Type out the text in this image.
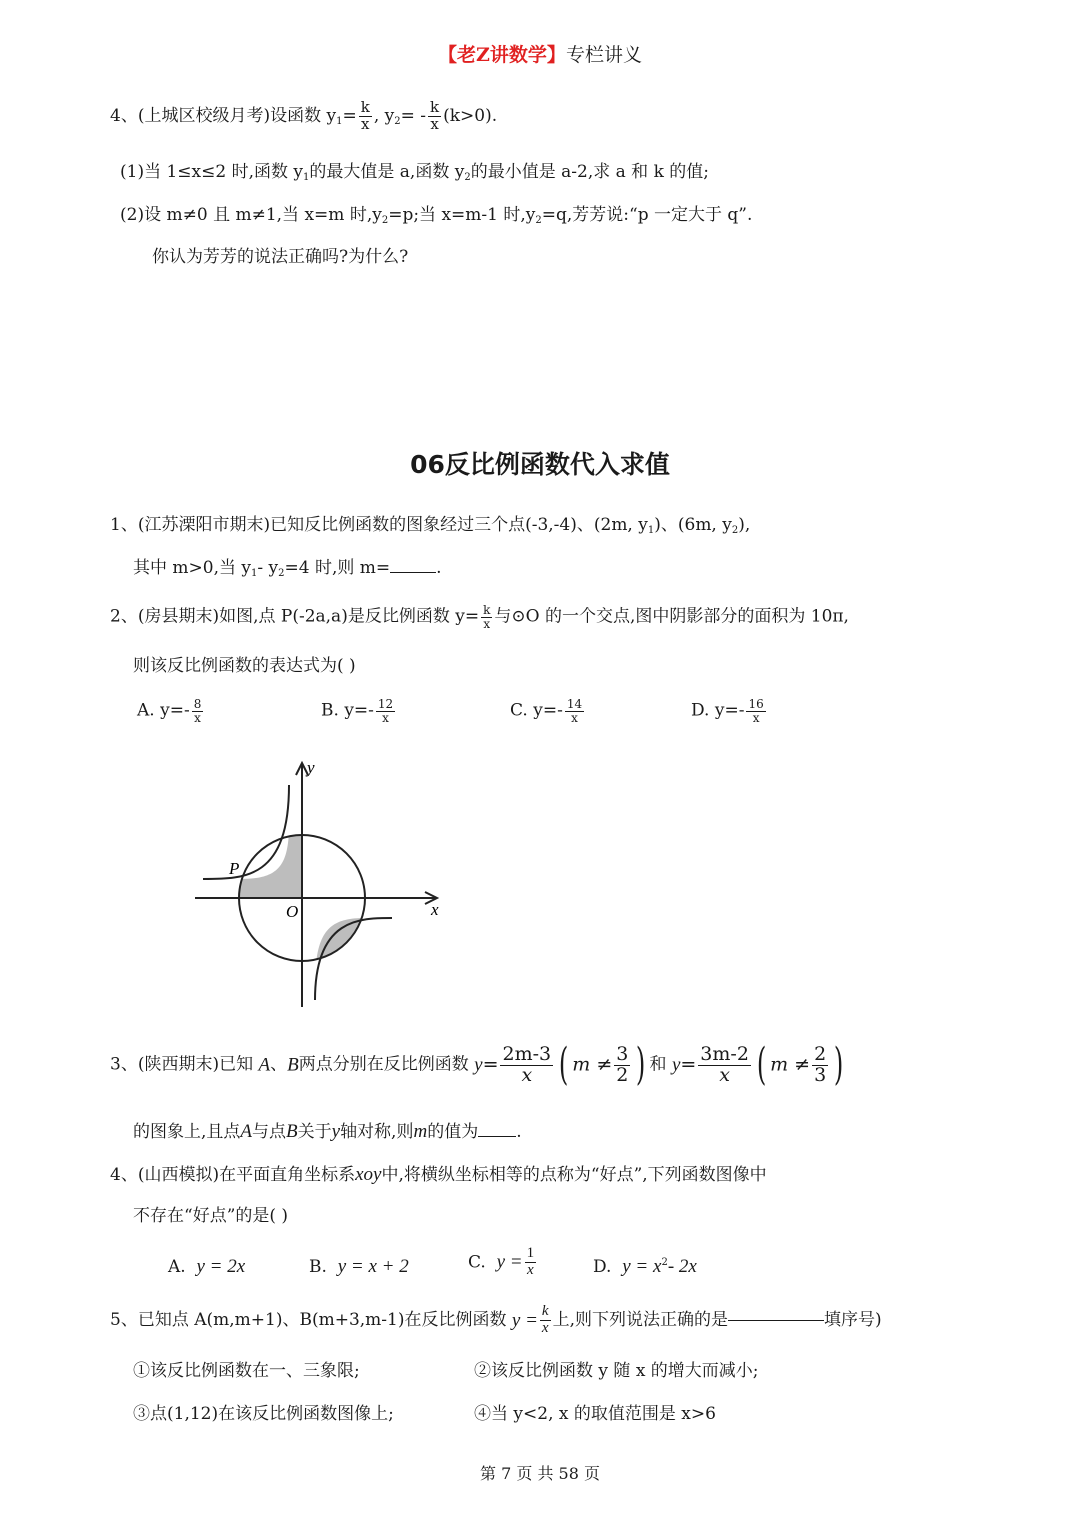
【老Z讲数学】专栏讲义
4、(上城区校级月考)设函数 $y_1= \frac{k}{x}$ , $y_2= - \frac{k}{x} (k>0)$.
(1)当 1≤x≤2 时,函数 $y_1$的最大值是 a,函数 $y_2$的最小值是 a-2,求 a 和 k 的值;
(2)设 m≠0 且 m≠1,当 x=m 时$,y_2=p$;当 x=m-1 时$,y_2=q$,芳芳说:“p 一定大于 q”.
你认为芳芳的说法正确吗?为什么?
06反比例函数代入求值
1、(江苏溧阳市期末)已知反比例函数的图象经过三个点(-3,-4)、(2m, $y_1$)、(6m, $y_2$),
其中 m>0,当 $y_1-$ $y_2=4$ 时,则 m=	.
2、(房县期末)如图,点 P(-2a,a)是反比例函数 $y= \frac{k}{x}$ 与⊙O 的一个交点,图中阴影部分的面积为 10π,
则该反比例函数的表达式为( )
A. $y=- \frac{8}{x}$	B. $y=- \frac{12}{x}$	C. $y=- \frac{14}{x}$	D. $y=- \frac{16}{x}$
y
x
O
P
3、(陕西期末)已知 A、B两点分别在反比例函数 $y= \frac{2m-3}{x}$ ( $m \ne \frac{3}{2}$ ) 和 $y= \frac{3m-2}{x}$ ( $m \ne \frac{2}{3}$ )
的图象上,且点A与点B关于y轴对称,则m的值为 .
4、(山西模拟)在平面直角坐标系xoy中,将横纵坐标相等的点称为“好点”,下列函数图像中
不存在“好点”的是( )
A. y = 2x	B. y = x + 2	C. $y = \frac{1}{x}$	D. $y = x^2-$ 2x
5、已知点 A(m,m+1)、B(m+3,m-1)在反比例函数 $y = \frac{k}{x}$ 上,则下列说法正确的是	填序号)
①该反比例函数在一、三象限;	②该反比例函数 y 随 x 的增大而减小;
③点(1,12)在该反比例函数图像上;	④当 y<2, x 的取值范围是 x>6
第 7 页 共 58 页
